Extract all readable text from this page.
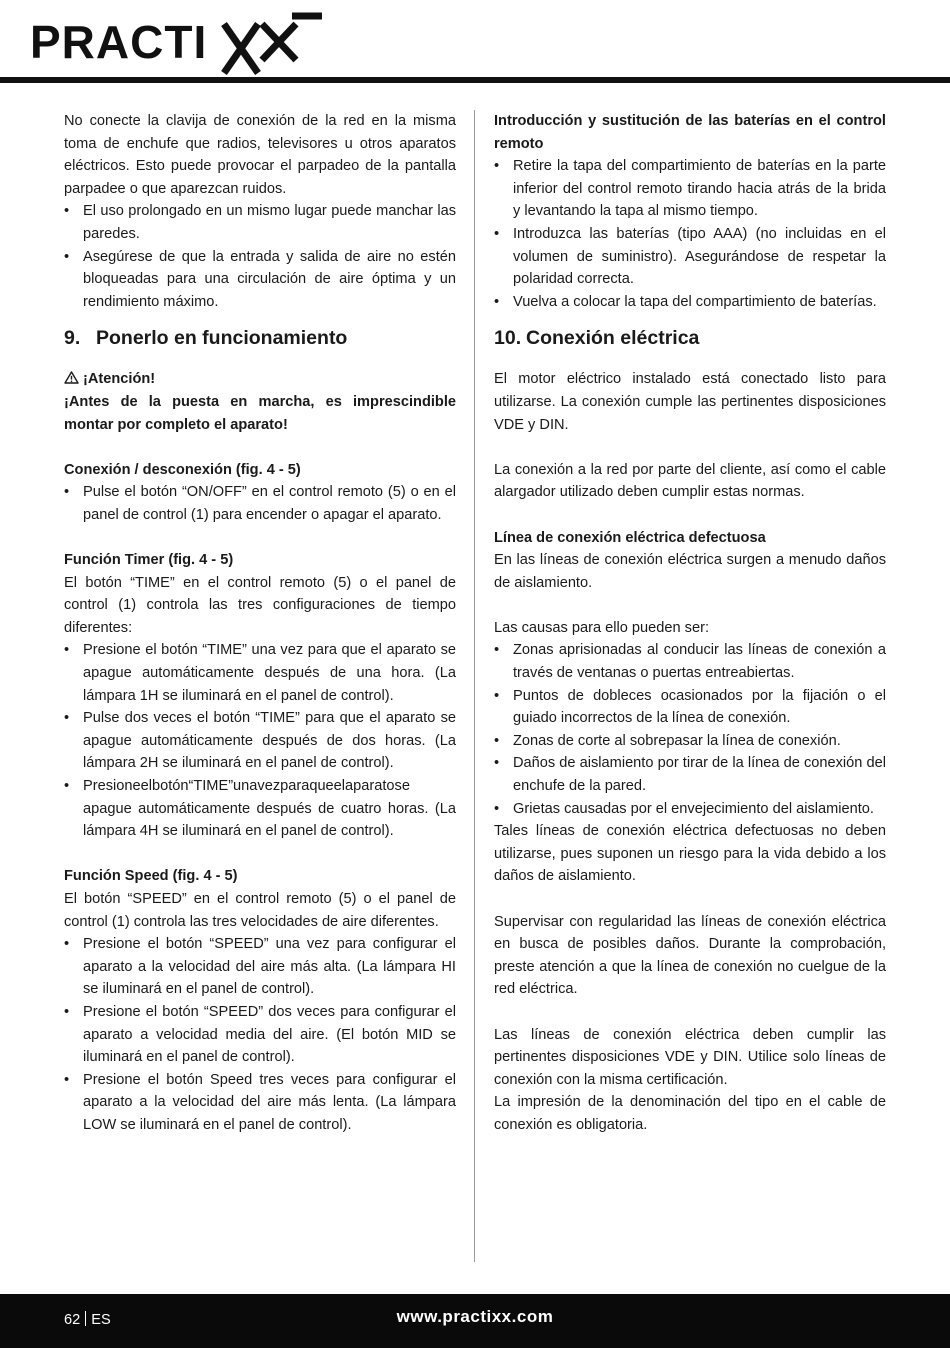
PRACTI

No conecte la clavija de conexión de la red en la misma toma de enchufe que radios, televisores u otros aparatos eléctricos. Esto puede provocar el parpadeo de la pantalla parpadee o que aparezcan ruidos.

• El uso prolongado en un mismo lugar puede manchar las paredes.
• Asegúrese de que la entrada y salida de aire no estén bloqueadas para una circulación de aire óptima y un rendimiento máximo.
9. Ponerlo en funcionamiento
¡Atención!

¡Antes de la puesta en marcha, es imprescindible montar por completo el aparato!

Conexión / desconexión (fig. 4 - 5)

• Pulse el botón “ON/OFF” en el control remoto (5) o en el panel de control (1) para encender o apagar el aparato.

Función Timer (fig. 4 - 5)

El botón “TIME” en el control remoto (5) o el panel de control (1) controla las tres configuraciones de tiempo diferentes:

• Presione el botón “TIME” una vez para que el aparato se apague automáticamente después de una hora. (La lámpara 1H se iluminará en el panel de control).
• Pulse dos veces el botón “TIME” para que el aparato se apague automáticamente después de dos horas. (La lámpara 2H se iluminará en el panel de control).
• Presioneelbotón“TIME”unavezparaqueelaparatose apague automáticamente después de cuatro horas. (La lámpara 4H se iluminará en el panel de control).

Función Speed (fig. 4 - 5)

El botón “SPEED” en el control remoto (5) o el panel de control (1) controla las tres velocidades de aire diferentes.

• Presione el botón “SPEED” una vez para configurar el aparato a la velocidad del aire más alta. (La lámpara HI se iluminará en el panel de control).
• Presione el botón “SPEED” dos veces para configurar el aparato a velocidad media del aire. (El botón MID se iluminará en el panel de control).
• Presione el botón Speed tres veces para configurar el aparato a la velocidad del aire más lenta. (La lámpara LOW se iluminará en el panel de control).

Introducción y sustitución de las baterías en el control remoto

• Retire la tapa del compartimiento de baterías en la parte inferior del control remoto tirando hacia atrás de la brida y levantando la tapa al mismo tiempo.
• Introduzca las baterías (tipo AAA) (no incluidas en el volumen de suministro). Asegurándose de respetar la polaridad correcta.
• Vuelva a colocar la tapa del compartimiento de baterías.
10. Conexión eléctrica

El motor eléctrico instalado está conectado listo para utilizarse. La conexión cumple las pertinentes disposiciones VDE y DIN.

La conexión a la red por parte del cliente, así como el cable alargador utilizado deben cumplir estas normas.

Línea de conexión eléctrica defectuosa

En las líneas de conexión eléctrica surgen a menudo daños de aislamiento.

Las causas para ello pueden ser:

• Zonas aprisionadas al conducir las líneas de conexión a través de ventanas o puertas entreabiertas.
• Puntos de dobleces ocasionados por la fijación o el guiado incorrectos de la línea de conexión.
• Zonas de corte al sobrepasar la línea de conexión.
• Daños de aislamiento por tirar de la línea de conexión del enchufe de la pared.
• Grietas causadas por el envejecimiento del aislamiento.

Tales líneas de conexión eléctrica defectuosas no deben utilizarse, pues suponen un riesgo para la vida debido a los daños de aislamiento.

Supervisar con regularidad las líneas de conexión eléctrica en busca de posibles daños. Durante la comprobación, preste atención a que la línea de conexión no cuelgue de la red eléctrica.

Las líneas de conexión eléctrica deben cumplir las pertinentes disposiciones VDE y DIN. Utilice solo líneas de conexión con la misma certificación.

La impresión de la denominación del tipo en el cable de conexión es obligatoria.

62 ES	www.practixx.com
